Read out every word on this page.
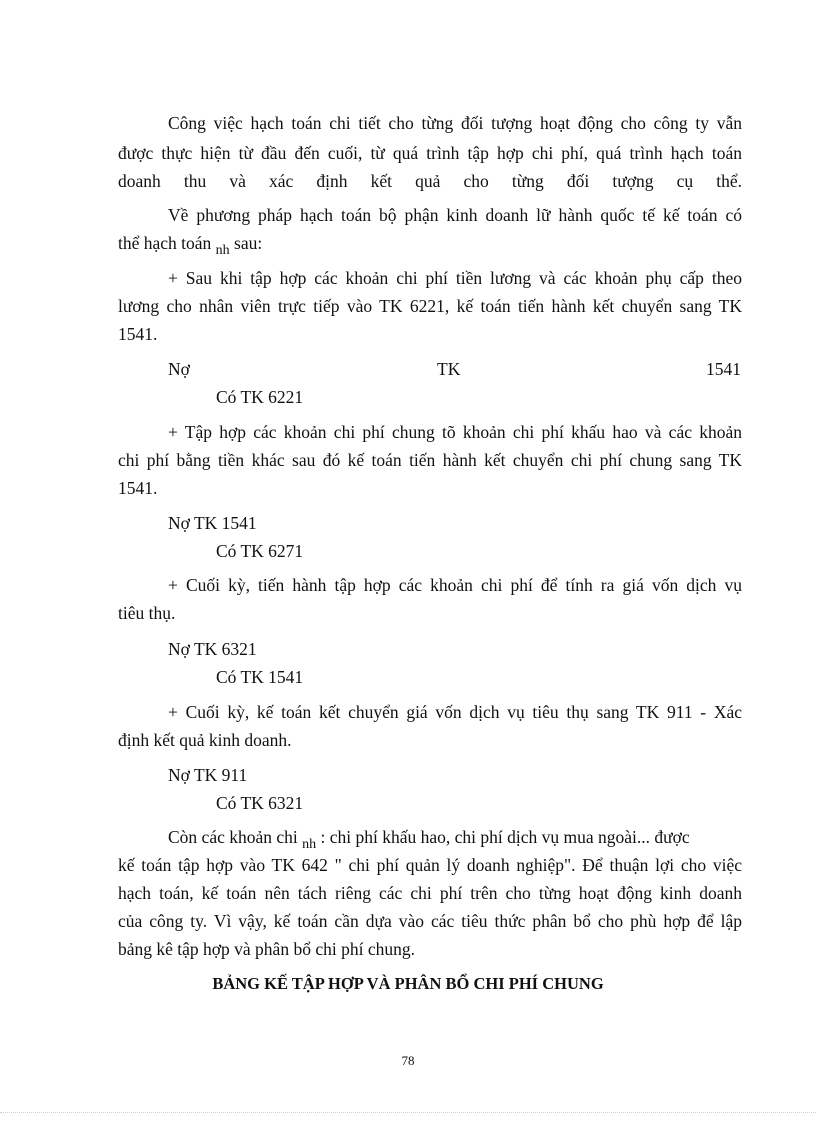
Công việc hạch toán chi tiết cho từng đối tượng hoạt động cho công ty vẫn
được thực hiện từ đầu đến cuối, từ quá trình tập hợp chi phí, quá trình hạch toán
doanh thu và xác định kết quả cho từng đối tượng cụ thể.
Về phương pháp hạch toán bộ phận kinh doanh lữ hành quốc tế kế toán có
thể hạch toán $_{nh}$ sau:
+ Sau khi tập hợp các khoản chi phí tiền lương và các khoản phụ cấp theo
lương cho nhân viên trực tiếp vào TK 6221, kế toán tiến hành kết chuyển sang TK
1541.
Nợ	TK	1541
Có TK 6221
+ Tập hợp các khoản chi phí chung tõ khoản chi phí khấu hao và các khoản
chi phí bằng tiền khác sau đó kế toán tiến hành kết chuyển chi phí chung sang TK
1541.
Nợ TK 1541
Có TK 6271
+ Cuối kỳ, tiến hành tập hợp các khoản chi phí để tính ra giá vốn dịch vụ
tiêu thụ.
Nợ TK 6321
Có TK 1541
+ Cuối kỳ, kế toán kết chuyển giá vốn dịch vụ tiêu thụ sang TK 911 - Xác
định kết quả kinh doanh.
Nợ TK 911
Có TK 6321
Còn các khoản chi $_{nh}$ : chi phí khấu hao, chi phí dịch vụ mua ngoài... được
kế toán tập hợp vào TK 642 " chi phí quản lý doanh nghiệp". Để thuận lợi cho việc
hạch toán, kế toán nên tách riêng các chi phí trên cho từng hoạt động kinh doanh
của công ty. Vì vậy, kế toán cần dựa vào các tiêu thức phân bổ cho phù hợp để lập
bảng kê tập hợp và phân bổ chi phí chung.
BẢNG KẾ TẬP HỢP VÀ PHÂN BỔ CHI PHÍ CHUNG
78
